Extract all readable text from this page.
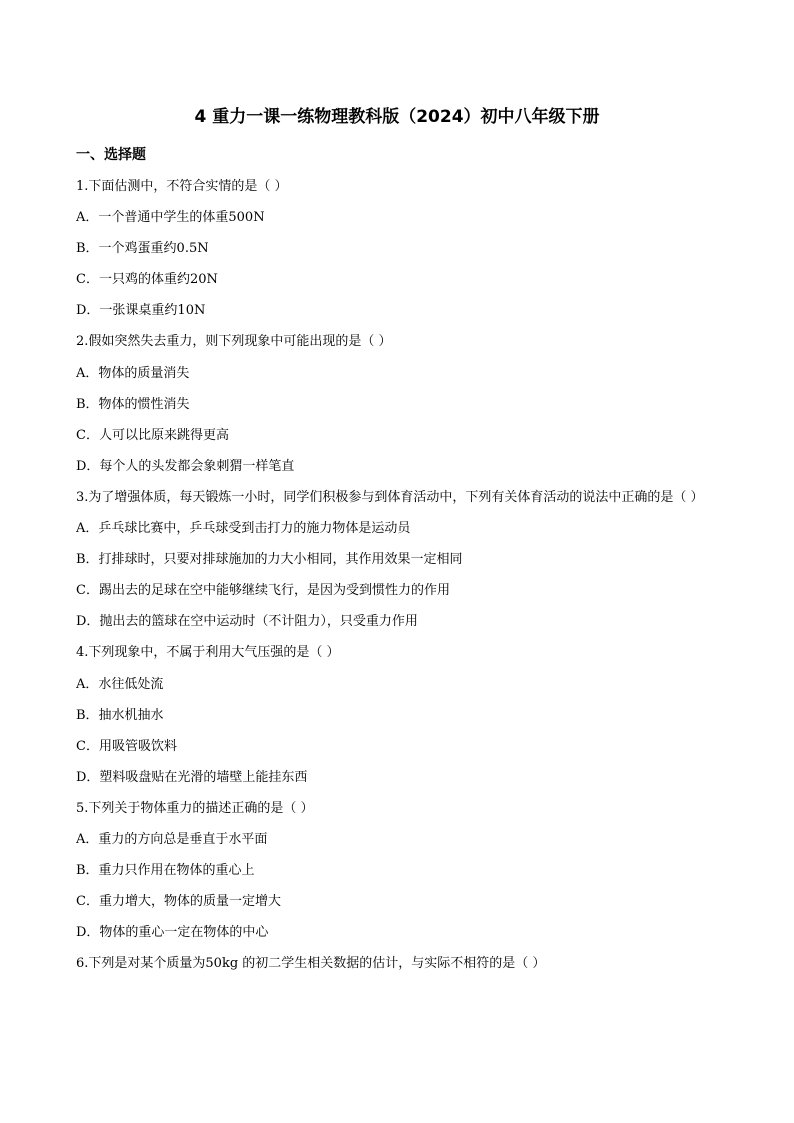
4 重力一课一练物理教科版（2024）初中八年级下册
一、选择题
1.下面估测中，不符合实情的是（ ）
A．一个普通中学生的体重500N
B．一个鸡蛋重约0.5N
C．一只鸡的体重约20N
D．一张课桌重约10N
2.假如突然失去重力，则下列现象中可能出现的是（ ）
A．物体的质量消失
B．物体的惯性消失
C．人可以比原来跳得更高
D．每个人的头发都会象刺猬一样笔直
3.为了增强体质，每天锻炼一小时，同学们积极参与到体育活动中，下列有关体育活动的说法中正确的是（ ）
A．乒乓球比赛中，乒乓球受到击打力的施力物体是运动员
B．打排球时，只要对排球施加的力大小相同，其作用效果一定相同
C．踢出去的足球在空中能够继续飞行，是因为受到惯性力的作用
D．抛出去的篮球在空中运动时（不计阻力），只受重力作用
4.下列现象中，不属于利用大气压强的是（ ）
A．水往低处流
B．抽水机抽水
C．用吸管吸饮料
D．塑料吸盘贴在光滑的墙壁上能挂东西
5.下列关于物体重力的描述正确的是（ ）
A．重力的方向总是垂直于水平面
B．重力只作用在物体的重心上
C．重力增大，物体的质量一定增大
D．物体的重心一定在物体的中心
6.下列是对某个质量为50kg 的初二学生相关数据的估计，与实际不相符的是（ ）
